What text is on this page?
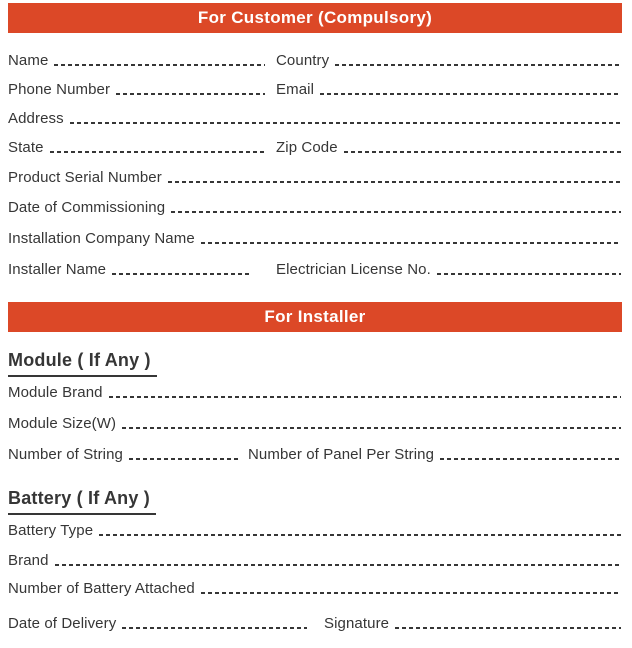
For Customer (Compulsory)
Name	Country
Phone Number	Email
Address
State	Zip Code
Product Serial Number
Date of Commissioning
Installation Company Name
Installer Name	Electrician License No.
For Installer
Module ( If Any )
Module Brand
Module Size(W)
Number of String	Number of Panel Per String
Battery ( If Any )
Battery Type
Brand
Number of Battery Attached
Date of Delivery	Signature
